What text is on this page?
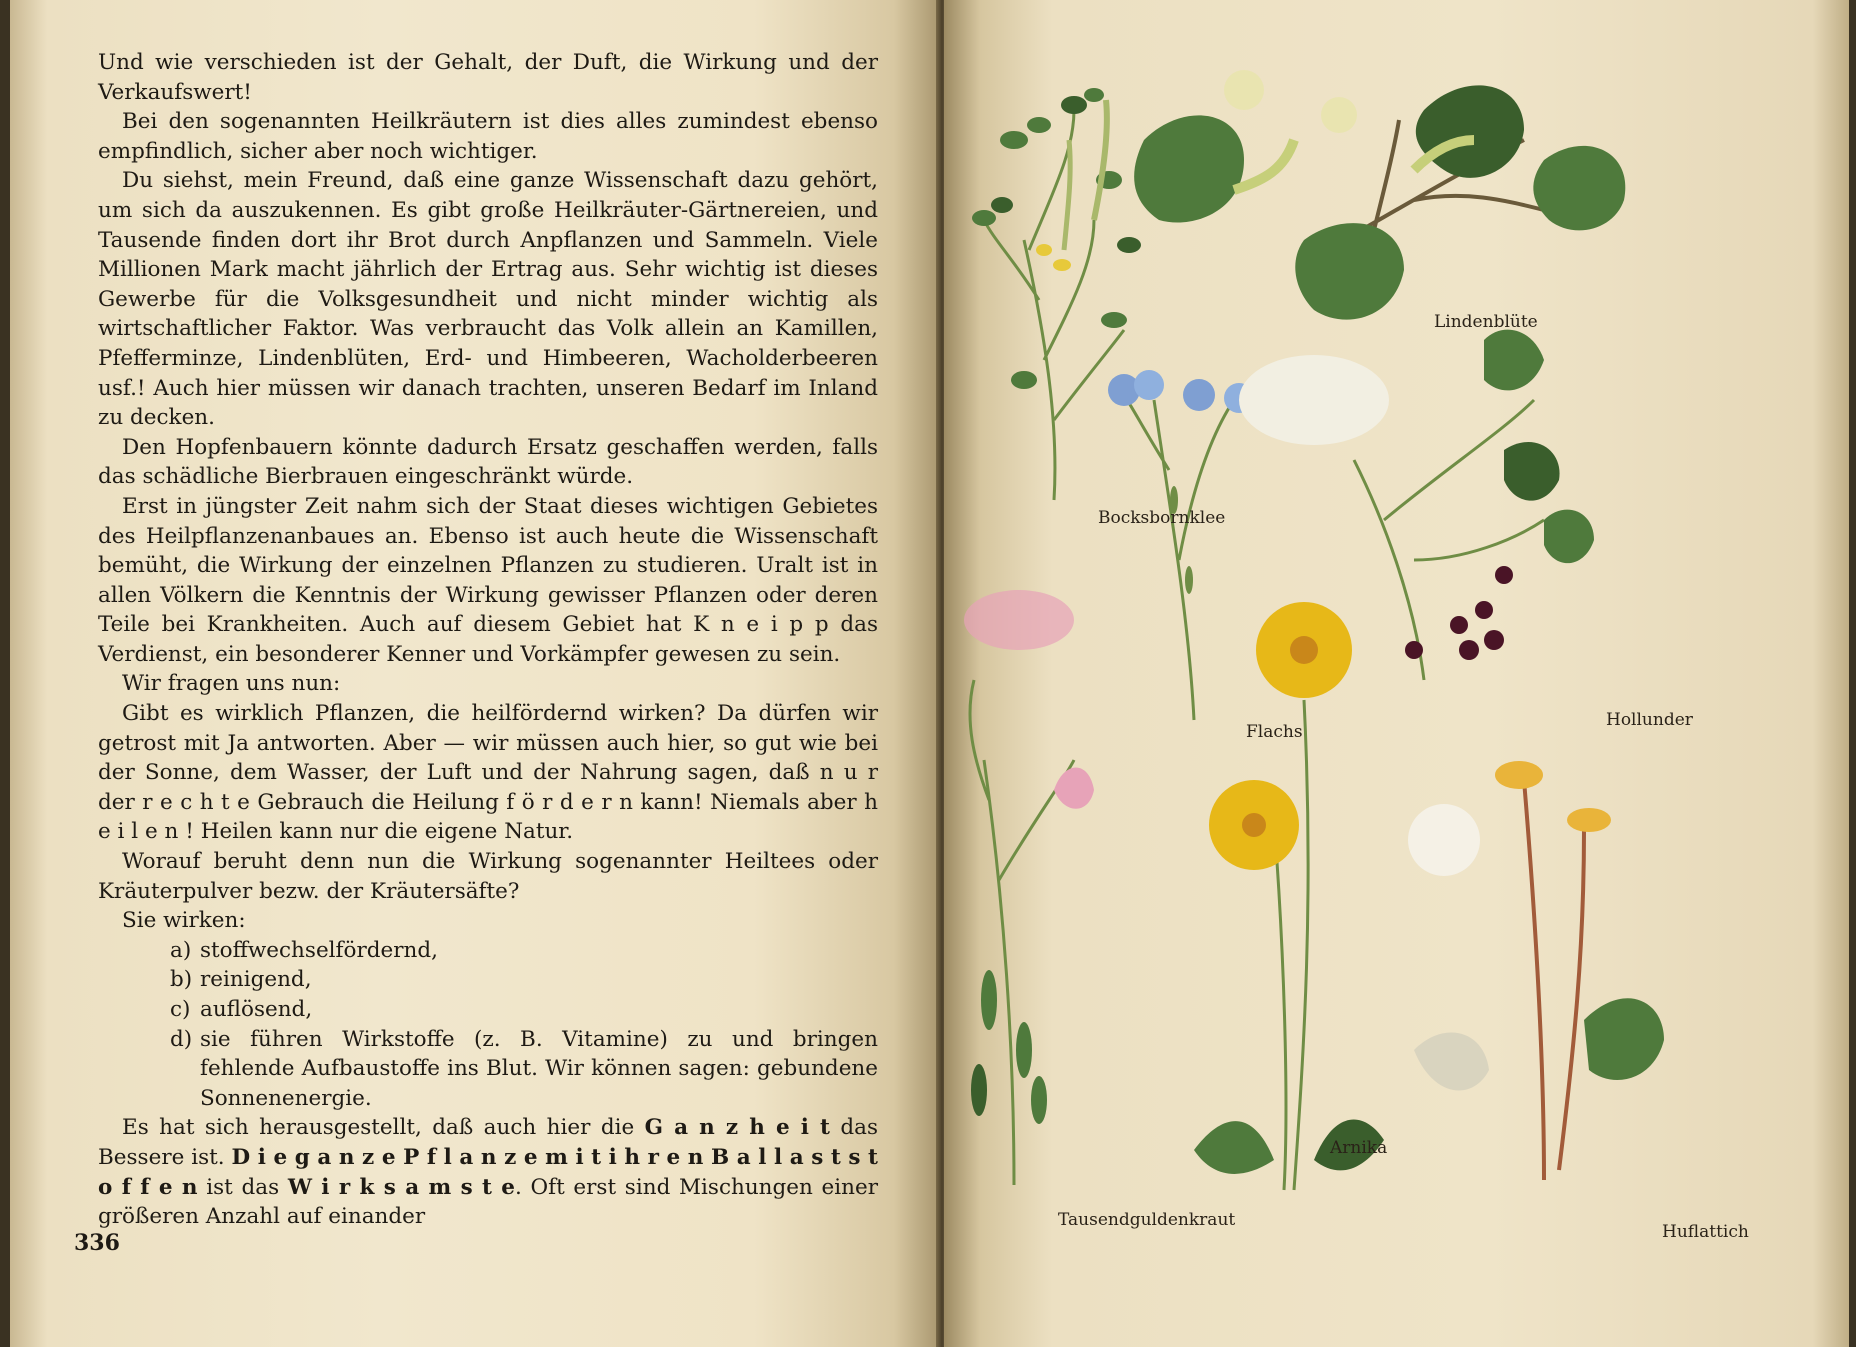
Und wie verschieden ist der Gehalt, der Duft, die Wirkung und der Verkaufswert!

Bei den sogenannten Heilkräutern ist dies alles zumindest ebenso empfindlich, sicher aber noch wichtiger.

Du siehst, mein Freund, daß eine ganze Wissenschaft dazu gehört, um sich da auszukennen. Es gibt große Heilkräuter-Gärtnereien, und Tausende finden dort ihr Brot durch Anpflanzen und Sammeln. Viele Millionen Mark macht jährlich der Ertrag aus. Sehr wichtig ist dieses Gewerbe für die Volksgesundheit und nicht minder wichtig als wirtschaftlicher Faktor. Was verbraucht das Volk allein an Kamillen, Pfefferminze, Lindenblüten, Erd- und Himbeeren, Wacholderbeeren usf.! Auch hier müssen wir danach trachten, unseren Bedarf im Inland zu decken.

Den Hopfenbauern könnte dadurch Ersatz geschaffen werden, falls das schädliche Bierbrauen eingeschränkt würde.

Erst in jüngster Zeit nahm sich der Staat dieses wichtigen Gebietes des Heilpflanzenanbaues an. Ebenso ist auch heute die Wissenschaft bemüht, die Wirkung der einzelnen Pflanzen zu studieren. Uralt ist in allen Völkern die Kenntnis der Wirkung gewisser Pflanzen oder deren Teile bei Krankheiten. Auch auf diesem Gebiet hat K n e i p p das Verdienst, ein besonderer Kenner und Vorkämpfer gewesen zu sein.

Wir fragen uns nun:

Gibt es wirklich Pflanzen, die heilfördernd wirken? Da dürfen wir getrost mit Ja antworten. Aber — wir müssen auch hier, so gut wie bei der Sonne, dem Wasser, der Luft und der Nahrung sagen, daß n u r der r e c h t e Gebrauch die Heilung f ö r d e r n kann! Niemals aber h e i l e n ! Heilen kann nur die eigene Natur.

Worauf beruht denn nun die Wirkung sogenannter Heiltees oder Kräuterpulver bezw. der Kräutersäfte?

Sie wirken:

a) stoffwechselfördernd,
b) reinigend,
c) auflösend,
d) sie führen Wirkstoffe (z. B. Vitamine) zu und bringen fehlende Aufbaustoffe ins Blut. Wir können sagen: gebundene Sonnenenergie.

Es hat sich herausgestellt, daß auch hier die G a n z h e i t das Bessere ist. D i e g a n z e P f l a n z e m i t i h r e n B a l l a s t s t o f f e n ist das W i r k s a m s t e. Oft erst sind Mischungen einer größeren Anzahl auf einander

336
Bocksbornklee
Lindenblüte
Flachs
Hollunder
Tausendguldenkraut
Arnika
Huflattich
